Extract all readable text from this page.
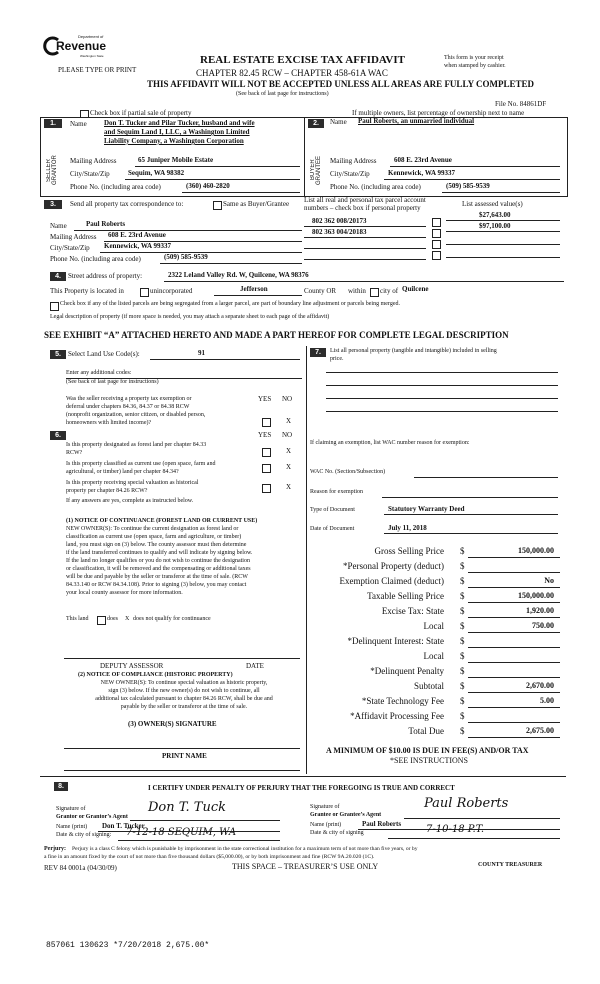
Department of
Revenue
Washington State
PLEASE TYPE OR PRINT
REAL ESTATE EXCISE TAX AFFIDAVIT
CHAPTER 82.45 RCW – CHAPTER 458-61A WAC
THIS AFFIDAVIT WILL NOT BE ACCEPTED UNLESS ALL AREAS ARE FULLY COMPLETED
(See back of last page for instructions)
This form is your receipt
when stamped by cashier.
File No. 84861DF
Check box if partial sale of property	If multiple owners, list percentage of ownership next to name
1.
SELLER GRANTOR
Name Don T. Tucker and Pilar Tucker, husband and wife
and Sequim Land I, LLC, a Washington Limited
Liability Company, a Washington Corporation
Mailing Address	65 Juniper Mobile Estate
City/State/Zip	Sequim, WA 98382
Phone No. (including area code)	(360) 460-2820
2.
BUYER GRANTEE
Name Paul Roberts, an unmarried individual
Mailing Address	608 E. 23rd Avenue
City/State/Zip	Kennewick, WA 99337
Phone No. (including area code)	(509) 585-9539
3.	Send all property tax correspondence to:	Same as Buyer/Grantee
Name	Paul Roberts
Mailing Address 608 E. 23rd Avenue
City/State/Zip Kennewick, WA 99337
Phone No. (including area code)	(509) 585-9539
List all real and personal tax parcel account
numbers – check box if personal property	List assessed value(s)
802 362 008/20173
$27,643.00
802 363 004/20183
$97,100.00
4.	Street address of property:	2322 Leland Valley Rd. W, Quilcene, WA 98376
This Property is located in	unincorporated	Jefferson	County OR within city of Quilcene
Check box if any of the listed parcels are being segregated from a larger parcel, are part of boundary line adjustment or parcels being merged.
Legal description of property (if more space is needed, you may attach a separate sheet to each page of the affidavit)
SEE EXHIBIT “A” ATTACHED HERETO AND MADE A PART HEREOF FOR COMPLETE LEGAL DESCRIPTION
5.	Select Land Use Code(s):	91
Enter any additional codes:
(See back of last page for instructions)
YES NO
Was the seller receiving a property tax exemption or
deferral under chapters 84.36, 84.37 or 84.38 RCW
(nonprofit organization, senior citizen, or disabled person,
homeowners with limited income)?	X
6.	YES NO
Is this property designated as forest land per chapter 84.33
RCW?	X
Is this property classified as current use (open space, farm and
agricultural, or timber) land per chapter 84.34?
X
Is this property receiving special valuation as historical
property per chapter 84.26 RCW?	X
If any answers are yes, complete as instructed below.
(1) NOTICE OF CONTINUANCE (FOREST LAND OR CURRENT USE)
NEW OWNER(S): To continue the current designation as forest land or
classification as current use (open space, farm and agriculture, or timber)
land, you must sign on (3) below. The county assessor must then determine
if the land transferred continues to qualify and will indicate by signing below.
If the land no longer qualifies or you do not wish to continue the designation
or classification, it will be removed and the compensating or additional taxes
will be due and payable by the seller or transferor at the time of sale. (RCW
84.33.140 or RCW 84.34.108). Prior to signing (3) below, you may contact
your local county assessor for more information.
This land	does X does not qualify for continuance
DEPUTY ASSESSOR	DATE
(2) NOTICE OF COMPLIANCE (HISTORIC PROPERTY)
NEW OWNER(S): To continue special valuation as historic property,
sign (3) below. If the new owner(s) do not wish to continue, all
additional tax calculated pursuant to chapter 84.26 RCW, shall be due and
payable by the seller or transferor at the time of sale.
(3) OWNER(S) SIGNATURE
PRINT NAME
7.	List all personal property (tangible and intangible) included in selling
price.
If claiming an exemption, list WAC number reason for exemption:
WAC No. (Section/Subsection)
Reason for exemption
Type of Document	Statutory Warranty Deed
Date of Document	July 11, 2018
Gross Selling Price $	150,000.00
*Personal Property (deduct) $
Exemption Claimed (deduct) $	No
Taxable Selling Price $	150,000.00
Excise Tax: State $	1,920.00
Local $	750.00
*Delinquent Interest: State $
Local $
*Delinquent Penalty $
Subtotal $	2,670.00
*State Technology Fee $	5.00
*Affidavit Processing Fee $
Total Due $	2,675.00
A MINIMUM OF $10.00 IS DUE IN FEE(S) AND/OR TAX
*SEE INSTRUCTIONS
8.	I CERTIFY UNDER PENALTY OF PERJURY THAT THE FOREGOING IS TRUE AND CORRECT
Signature of
Grantor or Grantor’s Agent
Don T. Tuck
Name (print) Don T. Tucker
Date & city of signing: 7-12-18 SEQUIM, WA
Signature of
Grantee or Grantee’s Agent
Paul Roberts
Name (print)	Paul Roberts
Date & city of signing	7-10-18 P.T.
Perjury: Perjury is a class C felony which is punishable by imprisonment in the state correctional institution for a maximum term of not more than five years, or by
a fine in an amount fixed by the court of not more than five thousand dollars ($5,000.00), or by both imprisonment and fine (RCW 9A.20.020 (1C).
REV 84 0001a (04/30/09)	THIS SPACE – TREASURER’S USE ONLY	COUNTY TREASURER
857061 130623 *7/20/2018 2,675.00*
